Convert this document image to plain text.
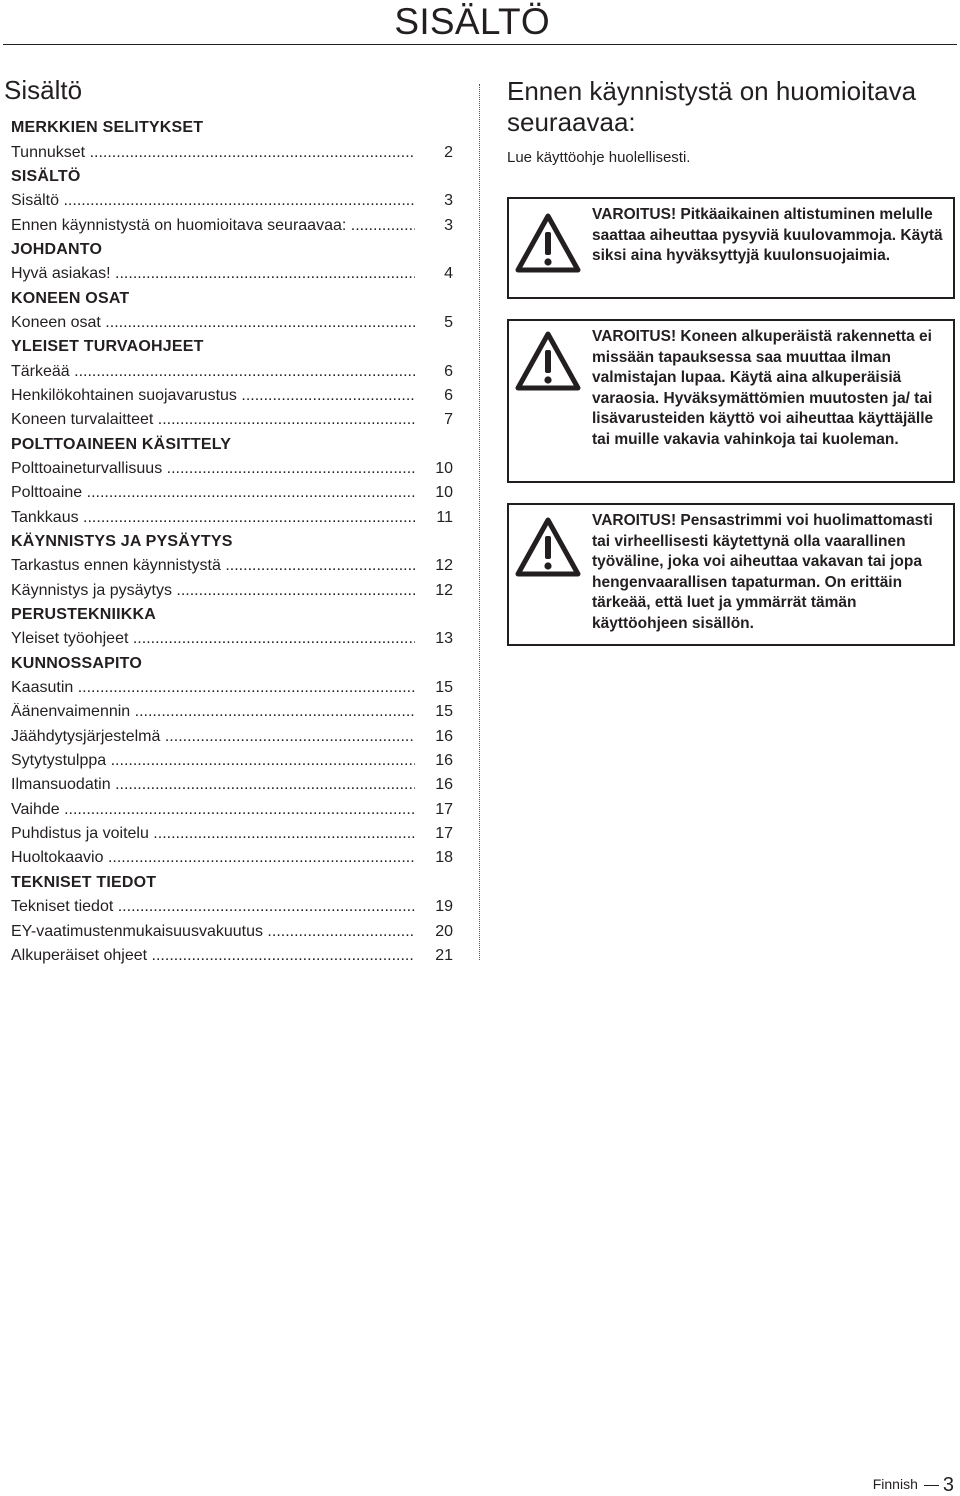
SISÄLTÖ
Sisältö
MERKKIEN SELITYKSET
Tunnukset .....	2
SISÄLTÖ
Sisältö .....	3
Ennen käynnistystä on huomioitava seuraavaa: .....	3
JOHDANTO
Hyvä asiakas! .....	4
KONEEN OSAT
Koneen osat .....	5
YLEISET TURVAOHJEET
Tärkeää .....	6
Henkilökohtainen suojavarustus .....	6
Koneen turvalaitteet .....	7
POLTTOAINEEN KÄSITTELY
Polttoaineturvallisuus .....	10
Polttoaine .....	10
Tankkaus .....	11
KÄYNNISTYS JA PYSÄYTYS
Tarkastus ennen käynnistystä .....	12
Käynnistys ja pysäytys .....	12
PERUSTEKNIIKKA
Yleiset työohjeet .....	13
KUNNOSSAPITO
Kaasutin .....	15
Äänenvaimennin .....	15
Jäähdytysjärjestelmä .....	16
Sytytystulppa .....	16
Ilmansuodatin .....	16
Vaihde .....	17
Puhdistus ja voitelu .....	17
Huoltokaavio .....	18
TEKNISET TIEDOT
Tekniset tiedot .....	19
EY-vaatimustenmukaisuusvakuutus .....	20
Alkuperäiset ohjeet .....	21
Ennen käynnistystä on huomioitava seuraavaa:

Lue käyttöohje huolellisesti.

VAROITUS! Pitkäaikainen altistuminen melulle saattaa aiheuttaa pysyviä kuulovammoja. Käytä siksi aina hyväksyttyjä kuulonsuojaimia.

VAROITUS! Koneen alkuperäistä rakennetta ei missään tapauksessa saa muuttaa ilman valmistajan lupaa. Käytä aina alkuperäisiä varaosia. Hyväksymättömien muutosten ja/ tai lisävarusteiden käyttö voi aiheuttaa käyttäjälle tai muille vakavia vahinkoja tai kuoleman.

VAROITUS! Pensastrimmi voi huolimattomasti tai virheellisesti käytettynä olla vaarallinen työväline, joka voi aiheuttaa vakavan tai jopa hengenvaarallisen tapaturman. On erittäin tärkeää, että luet ja ymmärrät tämän käyttöohjeen sisällön.

Finnish 3
